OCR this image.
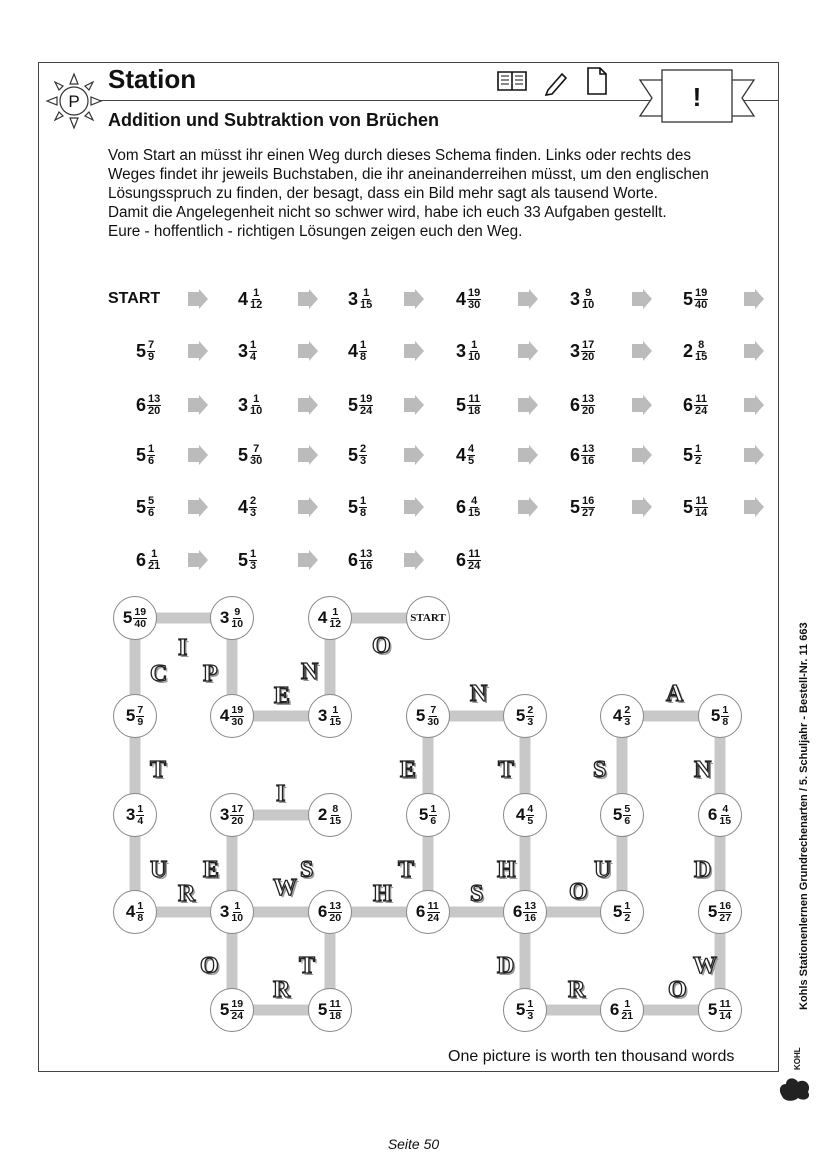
P
Station
Addition und Subtraktion von Brüchen
!

Vom Start an müsst ihr einen Weg durch dieses Schema finden. Links oder rechts des Weges findet ihr jeweils Buchstaben, die ihr aneinanderreihen müsst, um den englischen Lösungsspruch zu finden, der besagt, dass ein Bild mehr sagt als tausend Worte.

Damit die Angelegenheit nicht so schwer wird, habe ich euch 33 Aufgaben gestellt.

Eure - hoffentlich - richtigen Lösungen zeigen euch den Weg.

START	$4 \frac{1}{12}$	$3 \frac{1}{15}$	$4 \frac{19}{30}$	$3 \frac{9}{10}$	$5 \frac{19}{40}$
$5 \frac{7}{9}$	$3 \frac{1}{4}$	$4 \frac{1}{8}$	$3 \frac{1}{10}$	$3 \frac{17}{20}$	$2 \frac{8}{15}$
$6 \frac{13}{20}$	$3 \frac{1}{10}$	$5 \frac{19}{24}$	$5 \frac{11}{18}$	$6 \frac{13}{20}$	$6 \frac{11}{24}$
$5 \frac{1}{6}$	$5 \frac{7}{30}$	$5 \frac{2}{3}$	$4 \frac{4}{5}$	$6 \frac{13}{16}$	$5 \frac{1}{2}$
$5 \frac{5}{6}$	$4 \frac{2}{3}$	$5 \frac{1}{8}$	$6 \frac{4}{15}$	$5 \frac{16}{27}$	$5 \frac{11}{14}$
$6 \frac{1}{21}$	$5 \frac{1}{3}$	$6 \frac{13}{16}$	$6 \frac{11}{24}$
$5 \frac{19}{40}$	$3 \frac{9}{10}$	$4 \frac{1}{12}$	START
$5 \frac{7}{9}$	$4 \frac{19}{30}$	$3 \frac{1}{15}$	$5 \frac{7}{30}$	$5 \frac{2}{3}$	$4 \frac{2}{3}$	$5 \frac{1}{8}$
$3 \frac{1}{4}$	$3 \frac{17}{20}$	$2 \frac{8}{15}$	$5 \frac{1}{6}$	$4 \frac{4}{5}$	$5 \frac{5}{6}$	$6 \frac{4}{15}$
$4 \frac{1}{8}$	$3 \frac{1}{10}$	$6 \frac{13}{20}$	$6 \frac{11}{24}$	$6 \frac{13}{16}$	$5 \frac{1}{2}$	$5 \frac{16}{27}$
$5 \frac{19}{24}$	$5 \frac{11}{18}$	$5 \frac{1}{3}$	$6 \frac{1}{21}$	$5 \frac{11}{14}$
I
C P
O
N
E	N	A
T	E	T	S	N
I
U E
R	W
S
H
T
S
H
O
U	D
O	T
R
D
R	O
W
One picture is worth ten thousand words
Kohls Stationenlernen Grundrechenarten / 5. Schuljahr - Bestell-Nr. 11 663
KOHL
Seite 50
